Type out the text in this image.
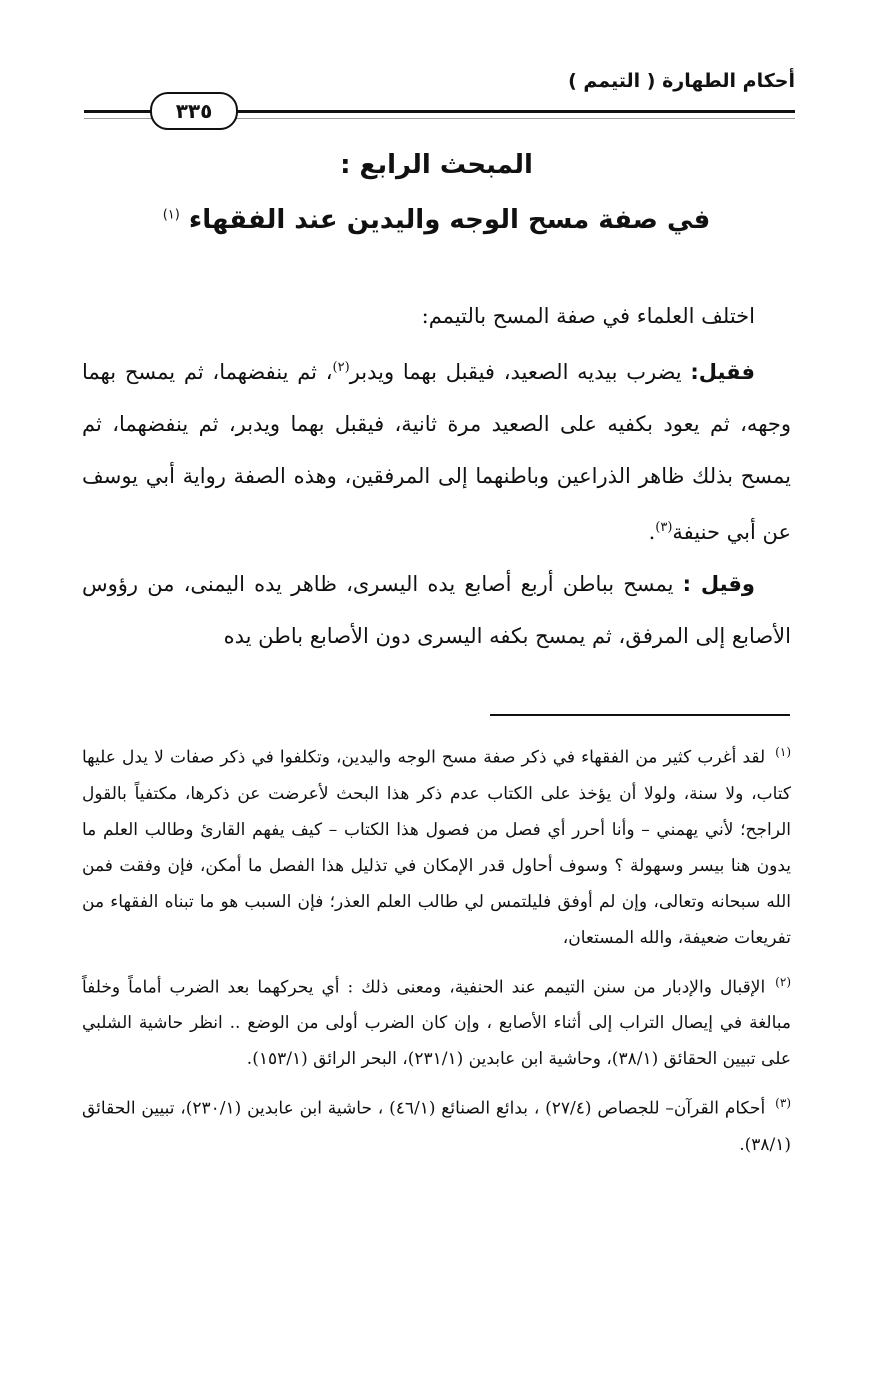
أحكام الطهارة ( التيمم )
٣٣٥
المبحث الرابع :
في صفة مسح الوجه واليدين عند الفقهاء $^{(١)}$

اختلف العلماء في صفة المسح بالتيمم:

فقيل: يضرب بيديه الصعيد، فيقبل بهما ويدبر$^{(٢)}$، ثم ينفضهما، ثم يمسح بهما وجهه، ثم يعود بكفيه على الصعيد مرة ثانية، فيقبل بهما ويدبر، ثم ينفضهما، ثم يمسح بذلك ظاهر الذراعين وباطنهما إلى المرفقين، وهذه الصفة رواية أبي يوسف عن أبي حنيفة$^{(٣)}$.

وقيل : يمسح بباطن أربع أصابع يده اليسرى، ظاهر يده اليمنى، من رؤوس الأصابع إلى المرفق، ثم يمسح بكفه اليسرى دون الأصابع باطن يده

$^{(١)}$لقد أغرب كثير من الفقهاء في ذكر صفة مسح الوجه واليدين، وتكلفوا في ذكر صفات لا يدل عليها كتاب، ولا سنة، ولولا أن يؤخذ على الكتاب عدم ذكر هذا البحث لأعرضت عن ذكرها، مكتفياً بالقول الراجح؛ لأني يهمني – وأنا أحرر أي فصل من فصول هذا الكتاب – كيف يفهم القارئ وطالب العلم ما يدون هنا بيسر وسهولة ؟ وسوف أحاول قدر الإمكان في تذليل هذا الفصل ما أمكن، فإن وفقت فمن الله سبحانه وتعالى، وإن لم أوفق فليلتمس لي طالب العلم العذر؛ فإن السبب هو ما تبناه الفقهاء من تفريعات ضعيفة، والله المستعان،

$^{(٢)}$الإقبال والإدبار من سنن التيمم عند الحنفية، ومعنى ذلك : أي يحركهما بعد الضرب أماماً وخلفاً مبالغة في إيصال التراب إلى أثناء الأصابع ، وإن كان الضرب أولى من الوضع .. انظر حاشية الشلبي على تبيين الحقائق (٣٨/١)، وحاشية ابن عابدين (٢٣١/١)، البحر الرائق (١٥٣/١).

$^{(٣)}$أحكام القرآن– للجصاص (٢٧/٤) ، بدائع الصنائع (٤٦/١) ، حاشية ابن عابدين (٢٣٠/١)، تبيين الحقائق (٣٨/١).
